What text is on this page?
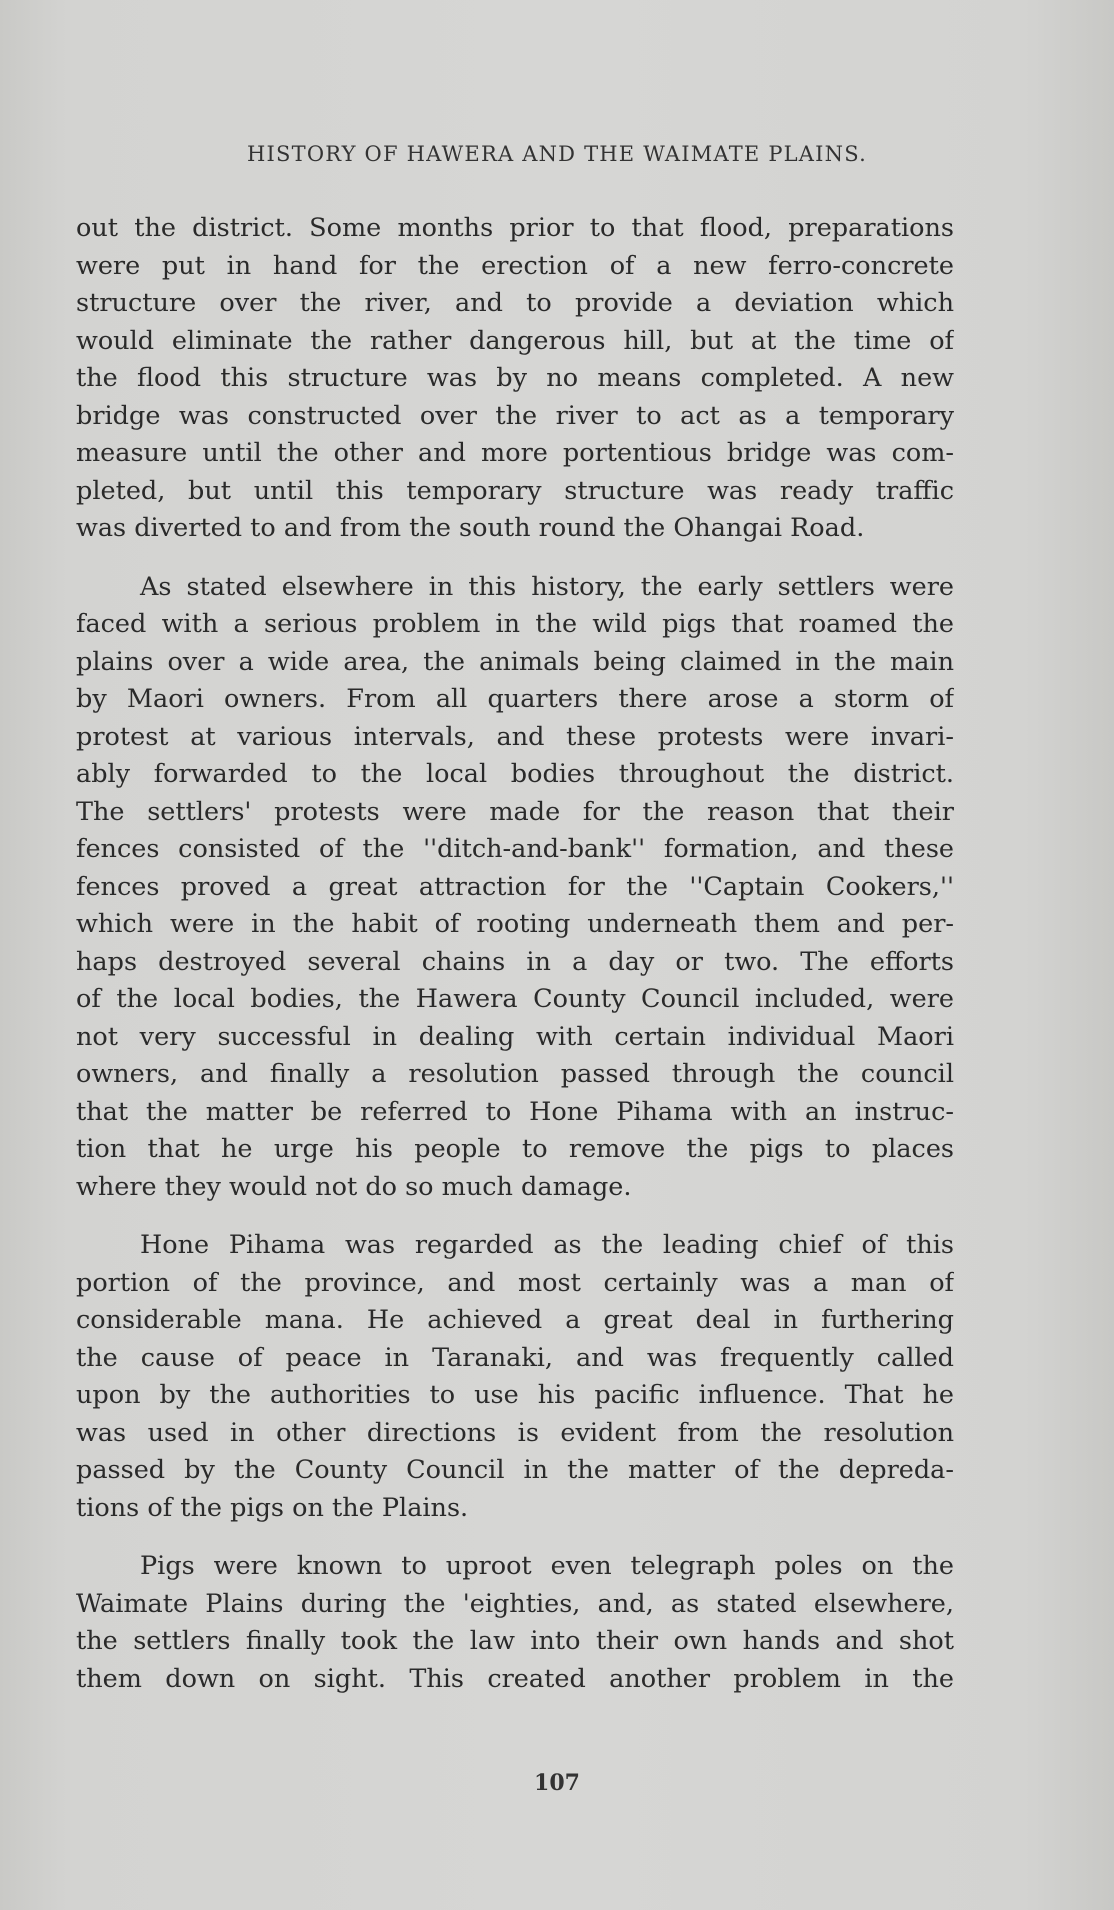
HISTORY OF HAWERA AND THE WAIMATE PLAINS.
out the district. Some months prior to that flood, preparations
were put in hand for the erection of a new ferro-concrete
structure over the river, and to provide a deviation which
would eliminate the rather dangerous hill, but at the time of
the flood this structure was by no means completed. A new
bridge was constructed over the river to act as a temporary
measure until the other and more portentious bridge was com-
pleted, but until this temporary structure was ready traffic
was diverted to and from the south round the Ohangai Road.
As stated elsewhere in this history, the early settlers were
faced with a serious problem in the wild pigs that roamed the
plains over a wide area, the animals being claimed in the main
by Maori owners. From all quarters there arose a storm of
protest at various intervals, and these protests were invari-
ably forwarded to the local bodies throughout the district.
The settlers' protests were made for the reason that their
fences consisted of the ''ditch-and-bank'' formation, and these
fences proved a great attraction for the ''Captain Cookers,''
which were in the habit of rooting underneath them and per-
haps destroyed several chains in a day or two. The efforts
of the local bodies, the Hawera County Council included, were
not very successful in dealing with certain individual Maori
owners, and finally a resolution passed through the council
that the matter be referred to Hone Pihama with an instruc-
tion that he urge his people to remove the pigs to places
where they would not do so much damage.
Hone Pihama was regarded as the leading chief of this
portion of the province, and most certainly was a man of
considerable mana. He achieved a great deal in furthering
the cause of peace in Taranaki, and was frequently called
upon by the authorities to use his pacific influence. That he
was used in other directions is evident from the resolution
passed by the County Council in the matter of the depreda-
tions of the pigs on the Plains.
Pigs were known to uproot even telegraph poles on the
Waimate Plains during the 'eighties, and, as stated elsewhere,
the settlers finally took the law into their own hands and shot
them down on sight. This created another problem in the
107
